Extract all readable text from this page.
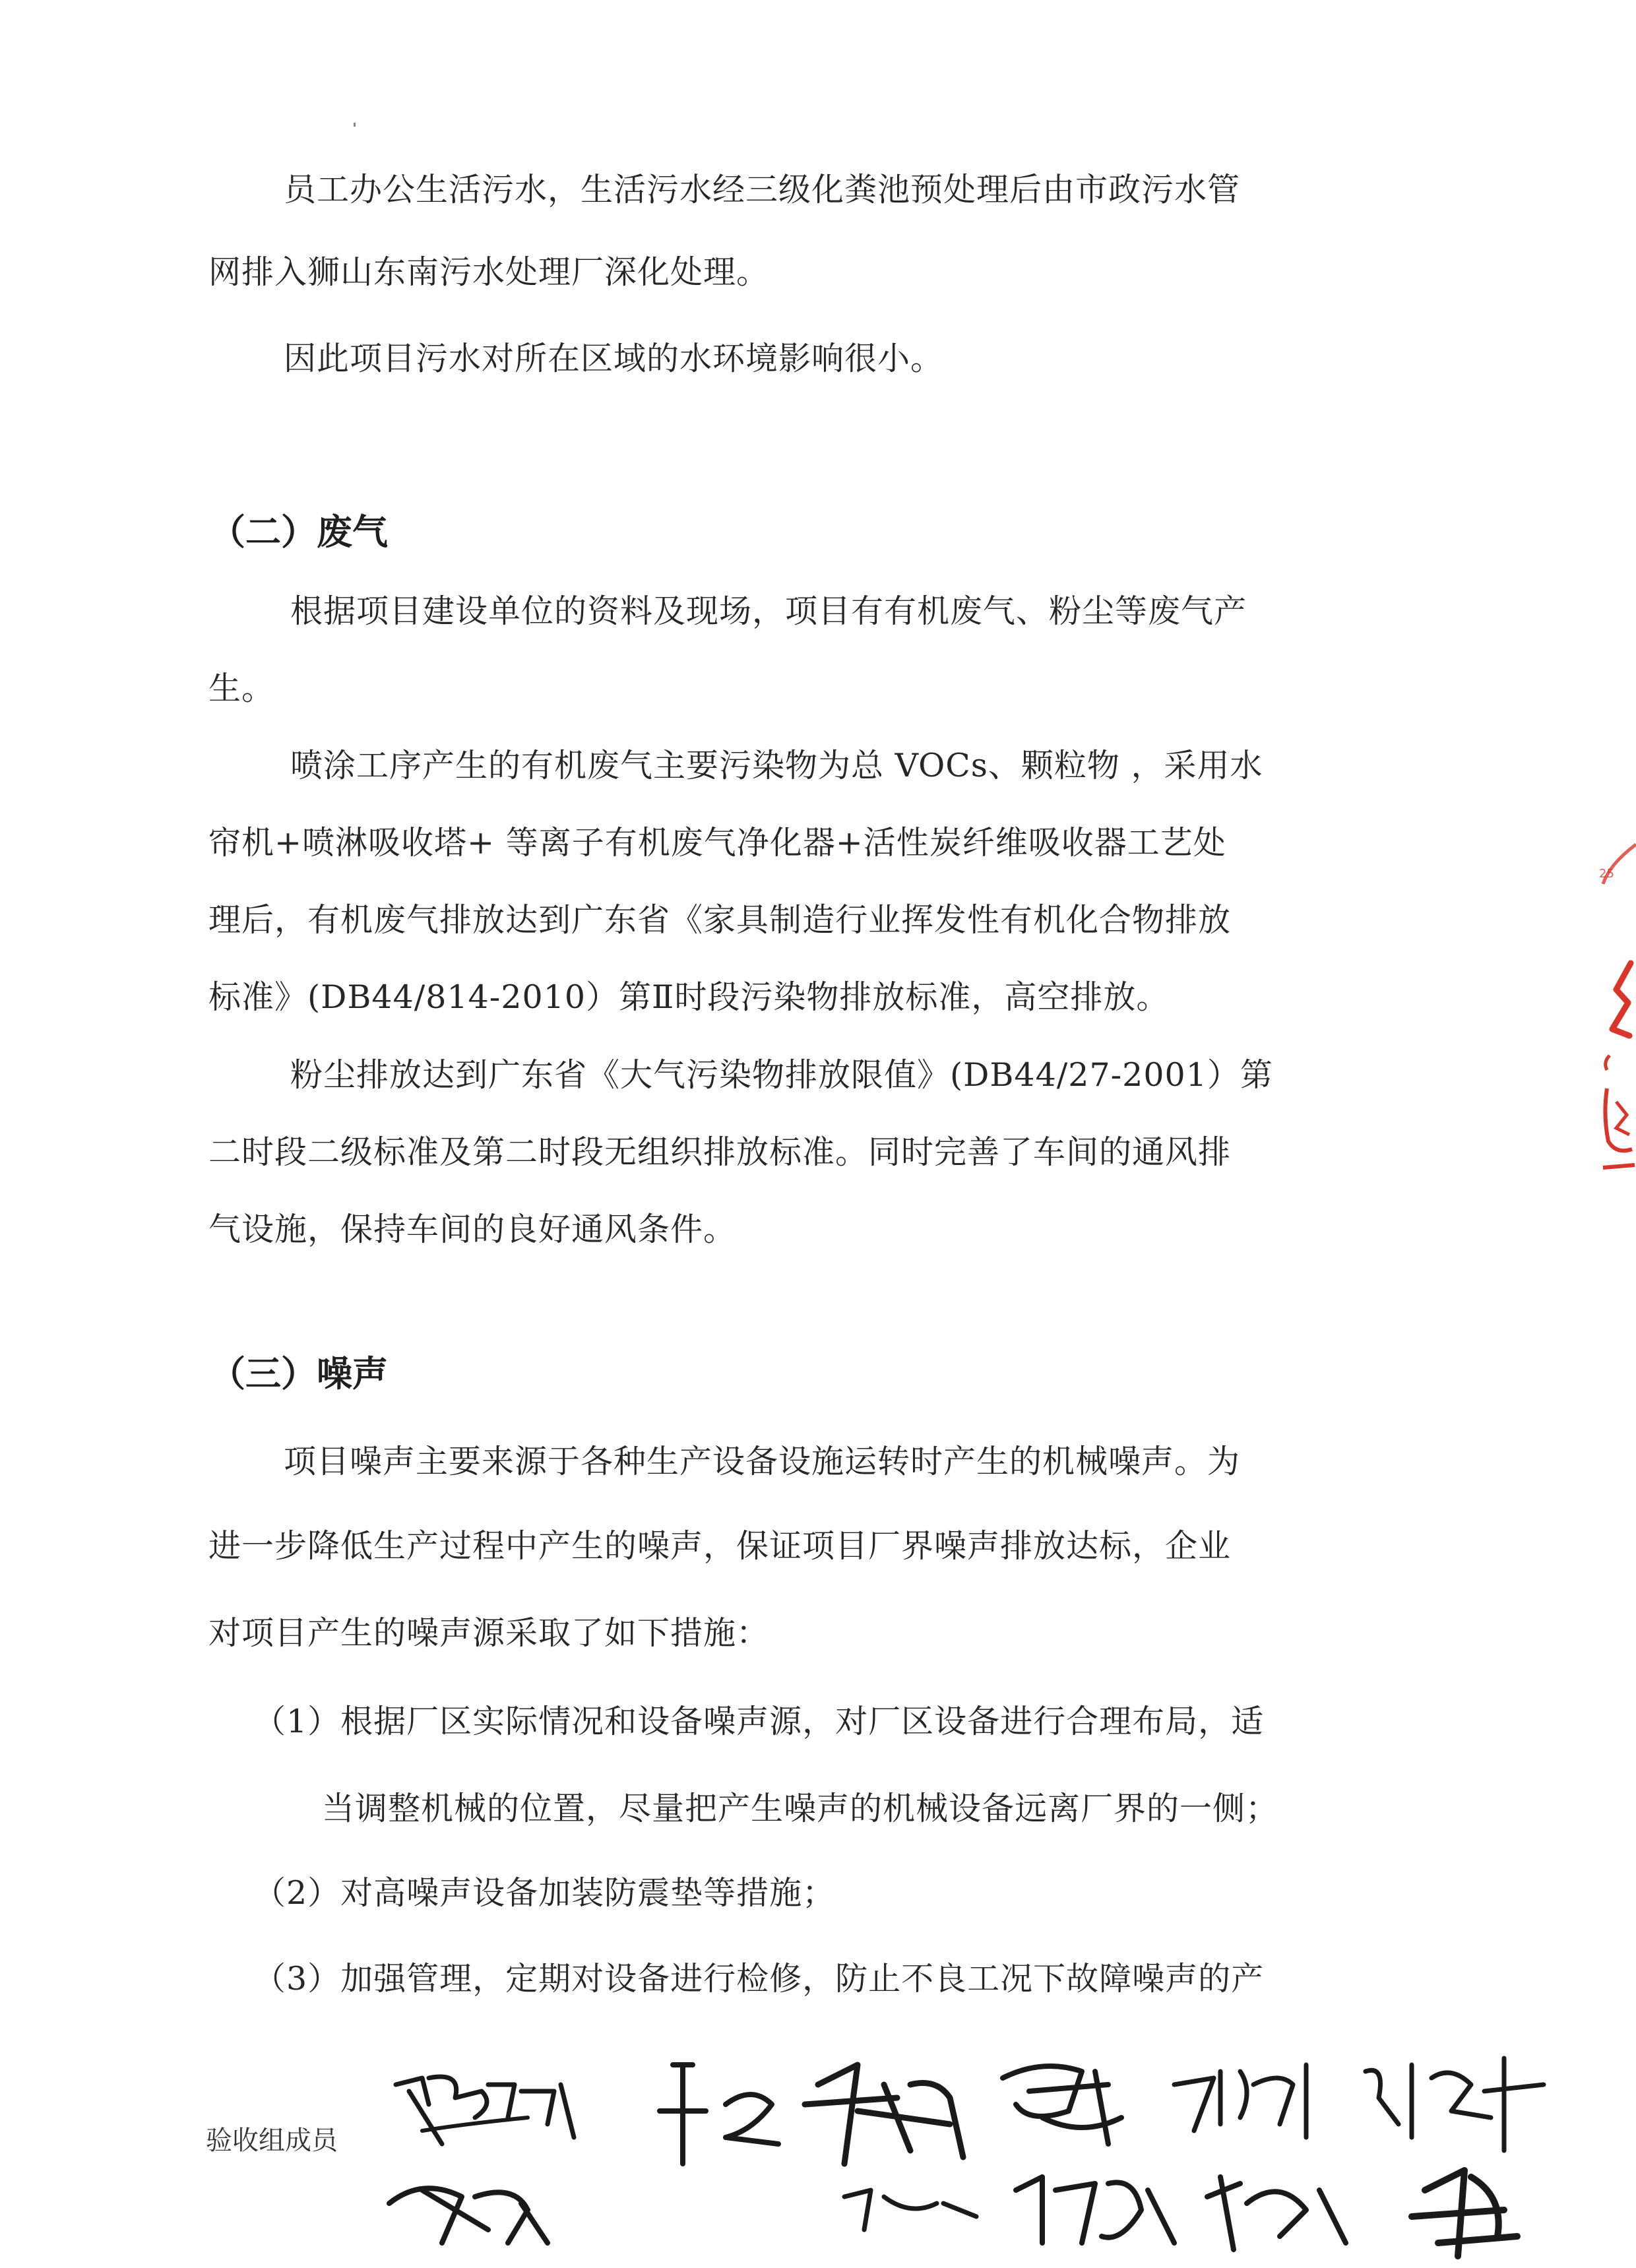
员工办公生活污水，生活污水经三级化粪池预处理后由市政污水管
网排入狮山东南污水处理厂深化处理。
因此项目污水对所在区域的水环境影响很小。
（二）废气
根据项目建设单位的资料及现场，项目有有机废气、粉尘等废气产
生。
喷涂工序产生的有机废气主要污染物为总 VOCs、颗粒物 ，采用水
帘机+喷淋吸收塔+ 等离子有机废气净化器+活性炭纤维吸收器工艺处
理后，有机废气排放达到广东省《家具制造行业挥发性有机化合物排放
标准》(DB44/814-2010）第Ⅱ时段污染物排放标准，高空排放。
粉尘排放达到广东省《大气污染物排放限值》(DB44/27-2001）第
二时段二级标准及第二时段无组织排放标准。同时完善了车间的通风排
气设施，保持车间的良好通风条件。
（三）噪声
项目噪声主要来源于各种生产设备设施运转时产生的机械噪声。为
进一步降低生产过程中产生的噪声，保证项目厂界噪声排放达标，企业
对项目产生的噪声源采取了如下措施：
（1）根据厂区实际情况和设备噪声源，对厂区设备进行合理布局，适
当调整机械的位置，尽量把产生噪声的机械设备远离厂界的一侧；
（2）对高噪声设备加装防震垫等措施；
（3）加强管理，定期对设备进行检修，防止不良工况下故障噪声的产
验收组成员
25
